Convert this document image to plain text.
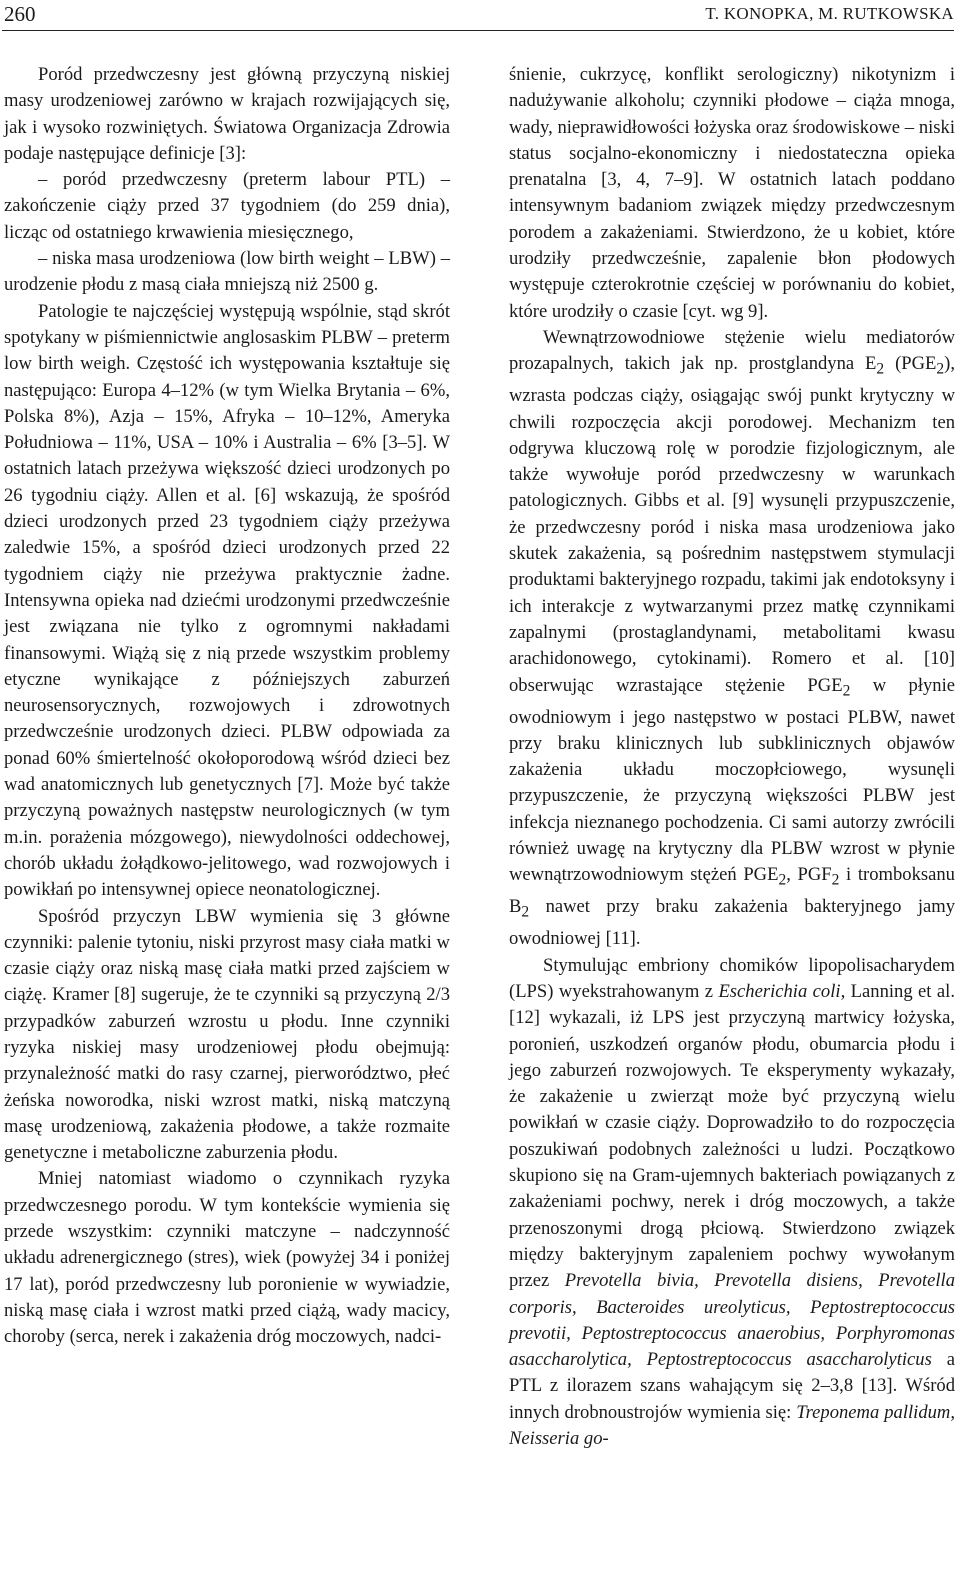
260	T. KONOPKA, M. RUTKOWSKA

Poród przedwczesny jest główną przyczyną niskiej masy urodzeniowej zarówno w krajach rozwijających się, jak i wysoko rozwiniętych. Światowa Organizacja Zdrowia podaje następujące definicje [3]:

– poród przedwczesny (preterm labour PTL) – zakończenie ciąży przed 37 tygodniem (do 259 dnia), licząc od ostatniego krwawienia miesięcznego,

– niska masa urodzeniowa (low birth weight – LBW) – urodzenie płodu z masą ciała mniejszą niż 2500 g.

Patologie te najczęściej występują wspólnie, stąd skrót spotykany w piśmiennictwie anglosaskim PLBW – preterm low birth weigh. Częstość ich występowania kształtuje się następująco: Europa 4–12% (w tym Wielka Brytania – 6%, Polska 8%), Azja – 15%, Afryka – 10–12%, Ameryka Południowa – 11%, USA – 10% i Australia – 6% [3–5]. W ostatnich latach przeżywa większość dzieci urodzonych po 26 tygodniu ciąży. Allen et al. [6] wskazują, że spośród dzieci urodzonych przed 23 tygodniem ciąży przeżywa zaledwie 15%, a spośród dzieci urodzonych przed 22 tygodniem ciąży nie przeżywa praktycznie żadne. Intensywna opieka nad dziećmi urodzonymi przedwcześnie jest związana nie tylko z ogromnymi nakładami finansowymi. Wiążą się z nią przede wszystkim problemy etyczne wynikające z późniejszych zaburzeń neurosensorycznych, rozwojowych i zdrowotnych przedwcześnie urodzonych dzieci. PLBW odpowiada za ponad 60% śmiertelność okołoporodową wśród dzieci bez wad anatomicznych lub genetycznych [7]. Może być także przyczyną poważnych następstw neurologicznych (w tym m.in. porażenia mózgowego), niewydolności oddechowej, chorób układu żołądkowo-jelitowego, wad rozwojowych i powikłań po intensywnej opiece neonatologicznej.

Spośród przyczyn LBW wymienia się 3 główne czynniki: palenie tytoniu, niski przyrost masy ciała matki w czasie ciąży oraz niską masę ciała matki przed zajściem w ciążę. Kramer [8] sugeruje, że te czynniki są przyczyną 2/3 przypadków zaburzeń wzrostu u płodu. Inne czynniki ryzyka niskiej masy urodzeniowej płodu obejmują: przynależność matki do rasy czarnej, pierworództwo, płeć żeńska noworodka, niski wzrost matki, niską matczyną masę urodzeniową, zakażenia płodowe, a także rozmaite genetyczne i metaboliczne zaburzenia płodu.

Mniej natomiast wiadomo o czynnikach ryzyka przedwczesnego porodu. W tym kontekście wymienia się przede wszystkim: czynniki matczyne – nadczynność układu adrenergicznego (stres), wiek (powyżej 34 i poniżej 17 lat), poród przedwczesny lub poronienie w wywiadzie, niską masę ciała i wzrost matki przed ciążą, wady macicy, choroby (serca, nerek i zakażenia dróg moczowych, nadci-

śnienie, cukrzycę, konflikt serologiczny) nikotynizm i nadużywanie alkoholu; czynniki płodowe – ciąża mnoga, wady, nieprawidłowości łożyska oraz środowiskowe – niski status socjalno-ekonomiczny i niedostateczna opieka prenatalna [3, 4, 7–9]. W ostatnich latach poddano intensywnym badaniom związek między przedwczesnym porodem a zakażeniami. Stwierdzono, że u kobiet, które urodziły przedwcześnie, zapalenie błon płodowych występuje czterokrotnie częściej w porównaniu do kobiet, które urodziły o czasie [cyt. wg 9].

Wewnątrzowodniowe stężenie wielu mediatorów prozapalnych, takich jak np. prostglandyna $E_2$ $(PGE_2)$, wzrasta podczas ciąży, osiągając swój punkt krytyczny w chwili rozpoczęcia akcji porodowej. Mechanizm ten odgrywa kluczową rolę w porodzie fizjologicznym, ale także wywołuje poród przedwczesny w warunkach patologicznych. Gibbs et al. [9] wysunęli przypuszczenie, że przedwczesny poród i niska masa urodzeniowa jako skutek zakażenia, są pośrednim następstwem stymulacji produktami bakteryjnego rozpadu, takimi jak endotoksyny i ich interakcje z wytwarzanymi przez matkę czynnikami zapalnymi (prostaglandynami, metabolitami kwasu arachidonowego, cytokinami). Romero et al. [10] obserwując wzrastające stężenie $PGE_2$ w płynie owodniowym i jego następstwo w postaci PLBW, nawet przy braku klinicznych lub subklinicznych objawów zakażenia układu moczopłciowego, wysunęli przypuszczenie, że przyczyną większości PLBW jest infekcja nieznanego pochodzenia. Ci sami autorzy zwrócili również uwagę na krytyczny dla PLBW wzrost w płynie wewnątrzowodniowym stężeń $PGE_2$, $PGF_2$ i tromboksanu $B_2$ nawet przy braku zakażenia bakteryjnego jamy owodniowej [11].

Stymulując embriony chomików lipopolisacharydem (LPS) wyekstrahowanym z Escherichia coli, Lanning et al. [12] wykazali, iż LPS jest przyczyną martwicy łożyska, poronień, uszkodzeń organów płodu, obumarcia płodu i jego zaburzeń rozwojowych. Te eksperymenty wykazały, że zakażenie u zwierząt może być przyczyną wielu powikłań w czasie ciąży. Doprowadziło to do rozpoczęcia poszukiwań podobnych zależności u ludzi. Początkowo skupiono się na Gram-ujemnych bakteriach powiązanych z zakażeniami pochwy, nerek i dróg moczowych, a także przenoszonymi drogą płciową. Stwierdzono związek między bakteryjnym zapaleniem pochwy wywołanym przez Prevotella bivia, Prevotella disiens, Prevotella corporis, Bacteroides ureolyticus, Peptostreptococcus prevotii, Peptostreptococcus anaerobius, Porphyromonas asaccharolytica, Peptostreptococcus asaccharolyticus a PTL z ilorazem szans wahającym się 2–3,8 [13]. Wśród innych drobnoustrojów wymienia się: Treponema pallidum, Neisseria go-
